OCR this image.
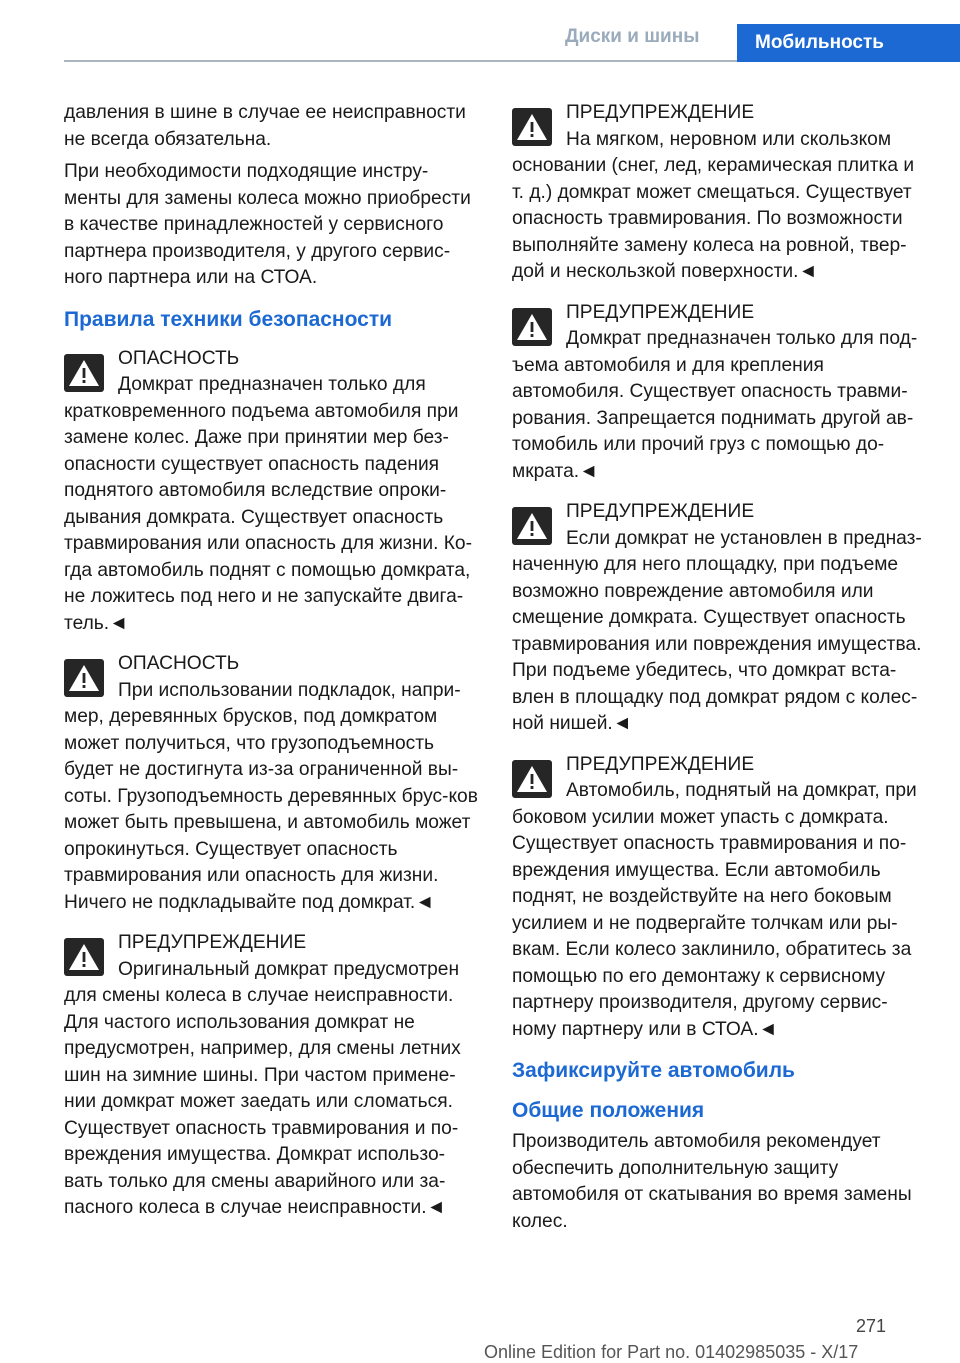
Диски и шины	Мобильность

давления в шине в случае ее неисправности не всегда обязательна.

При необходимости подходящие инстру-менты для замены колеса можно приобрести в качестве принадлежностей у сервисного партнера производителя, у другого сервис-ного партнера или на СТОА.

Правила техники безопасности
ОПАСНОСТЬ
Домкрат предназначен только для
кратковременного подъема автомобиля при замене колес. Даже при принятии мер без-опасности существует опасность падения поднятого автомобиля вследствие опроки-дывания домкрата. Существует опасность травмирования или опасность для жизни. Ко-гда автомобиль поднят с помощью домкрата, не ложитесь под него и не запускайте двига-тель.◄
ОПАСНОСТЬ
При использовании подкладок, напри-
мер, деревянных брусков, под домкратом может получиться, что грузоподъемность будет не достигнута из-за ограниченной вы-соты. Грузоподъемность деревянных брус-ков может быть превышена, и автомобиль может опрокинуться. Существует опасность травмирования или опасность для жизни. Ничего не подкладывайте под домкрат.◄
ПРЕДУПРЕЖДЕНИЕ
Оригинальный домкрат предусмотрен
для смены колеса в случае неисправности. Для частого использования домкрат не предусмотрен, например, для смены летних шин на зимние шины. При частом примене-нии домкрат может заедать или сломаться. Существует опасность травмирования и по-вреждения имущества. Домкрат использо-вать только для смены аварийного или за-пасного колеса в случае неисправности.◄
ПРЕДУПРЕЖДЕНИЕ
На мягком, неровном или скользком
основании (снег, лед, керамическая плитка и т. д.) домкрат может смещаться. Существует опасность травмирования. По возможности выполняйте замену колеса на ровной, твер-дой и нескользкой поверхности.◄
ПРЕДУПРЕЖДЕНИЕ
Домкрат предназначен только для под-
ъема автомобиля и для крепления автомобиля. Существует опасность травми-рования. Запрещается поднимать другой ав-томобиль или прочий груз с помощью до-мкрата.◄
ПРЕДУПРЕЖДЕНИЕ
Если домкрат не установлен в предназ-
наченную для него площадку, при подъеме возможно повреждение автомобиля или смещение домкрата. Существует опасность травмирования или повреждения имущества. При подъеме убедитесь, что домкрат вста-влен в площадку под домкрат рядом с колес-ной нишей.◄
ПРЕДУПРЕЖДЕНИЕ
Автомобиль, поднятый на домкрат, при
боковом усилии может упасть с домкрата. Существует опасность травмирования и по-вреждения имущества. Если автомобиль поднят, не воздействуйте на него боковым усилием и не подвергайте толчкам или ры-вкам. Если колесо заклинило, обратитесь за помощью по его демонтажу к сервисному партнеру производителя, другому сервис-ному партнеру или в СТОА.◄
Зафиксируйте автомобиль
Общие положения

Производитель автомобиля рекомендует обеспечить дополнительную защиту автомобиля от скатывания во время замены колес.

271
Online Edition for Part no. 01402985035 - X/17
